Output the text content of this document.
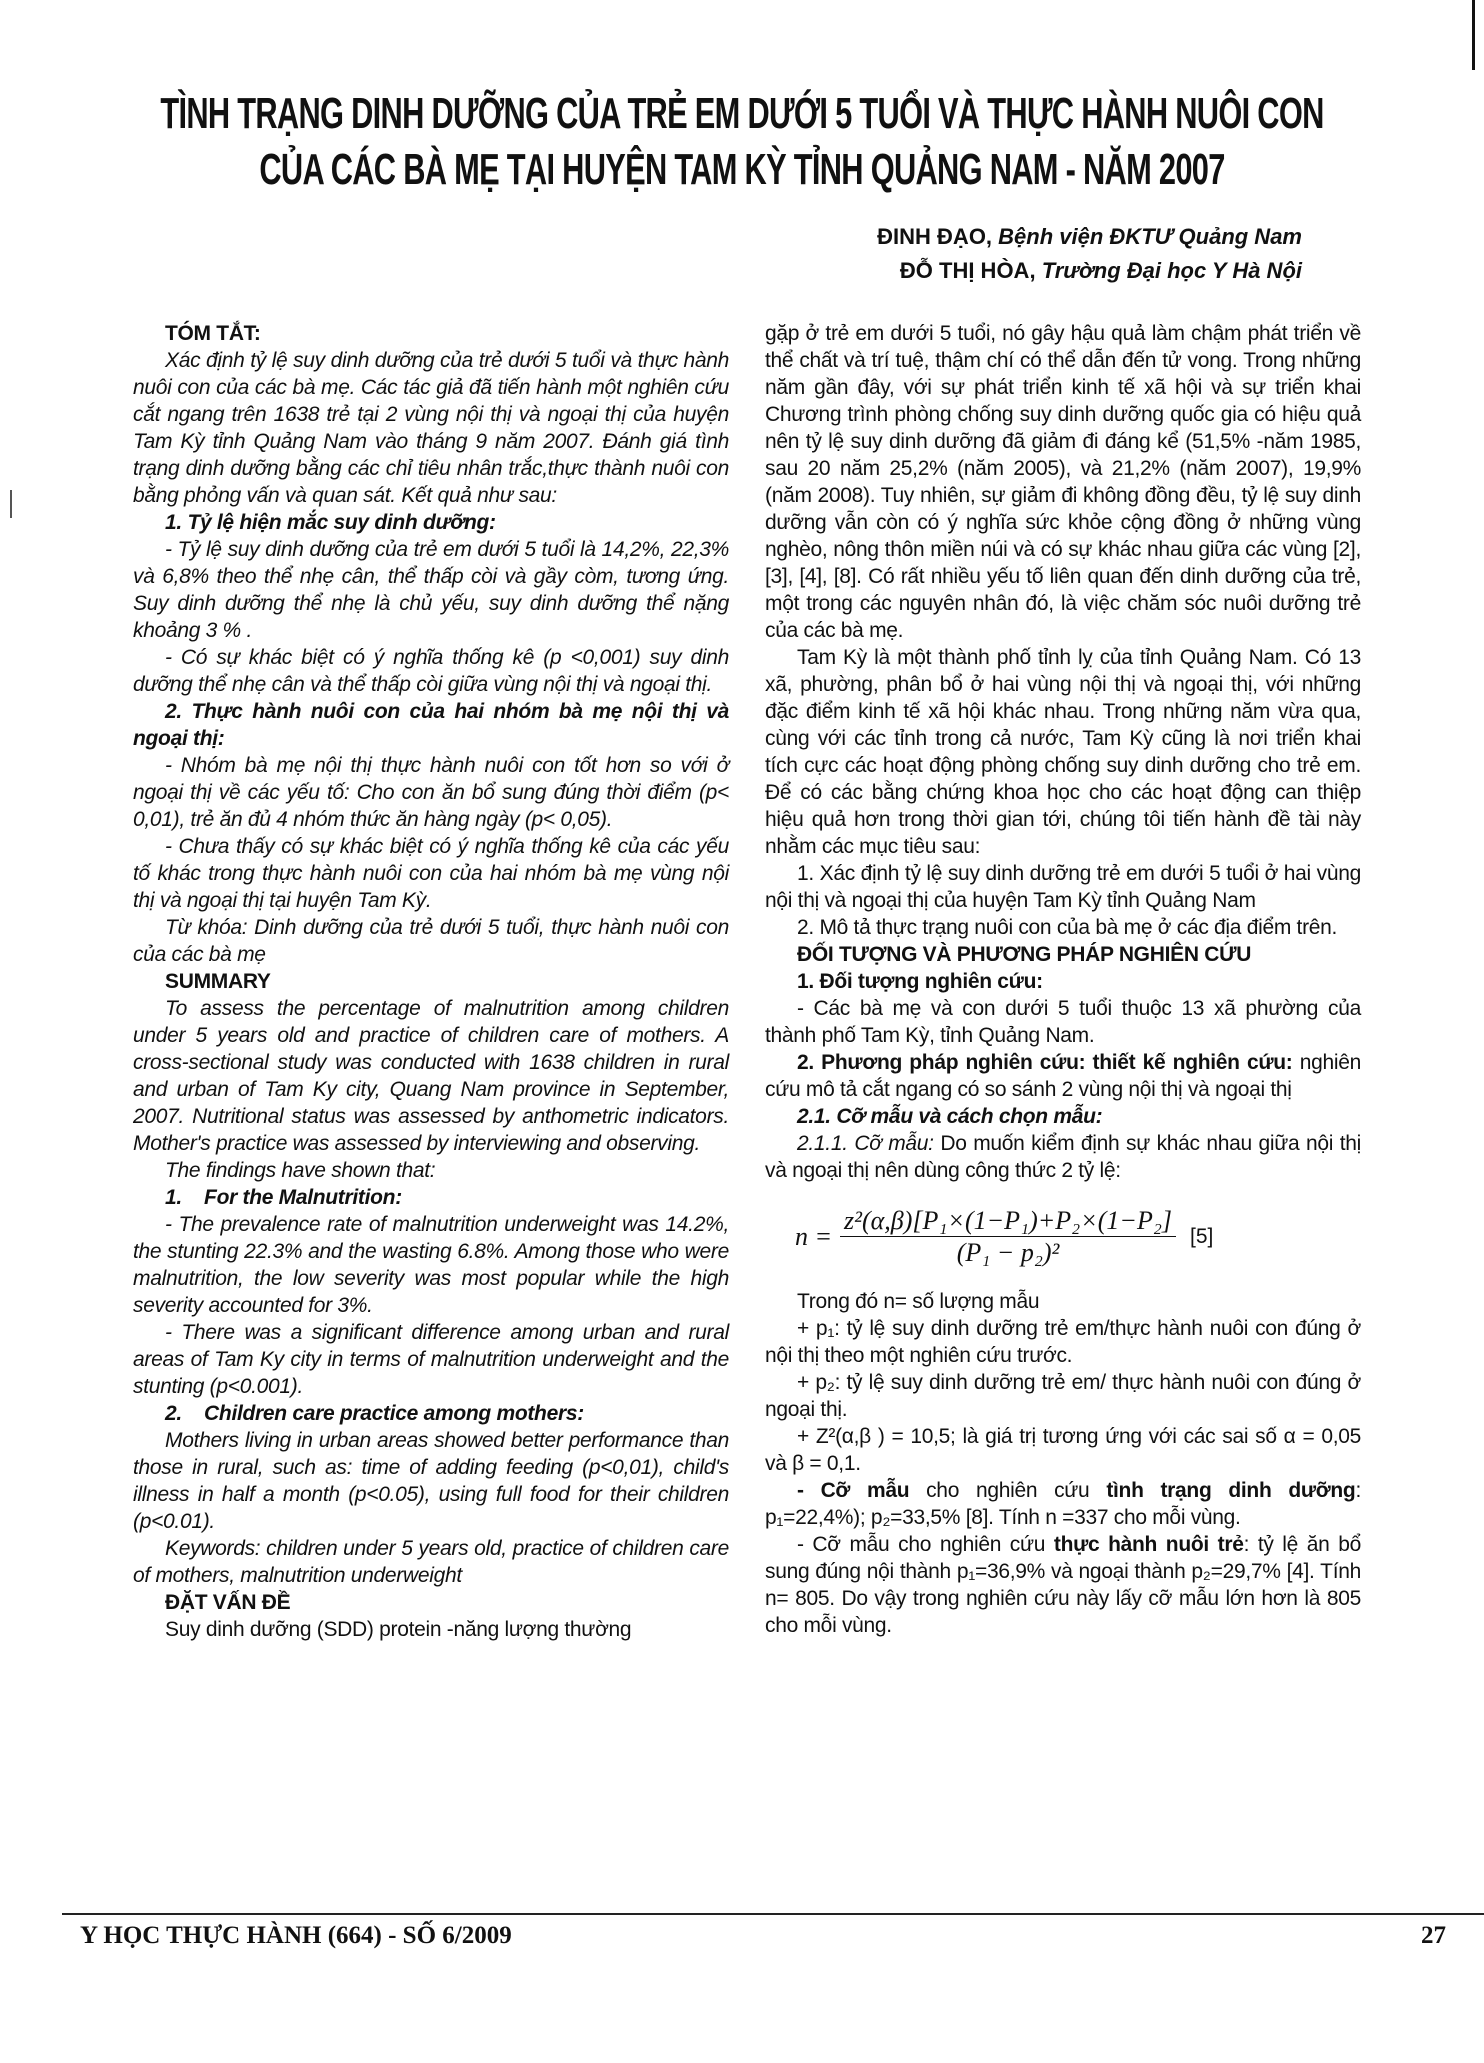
TÌNH TRẠNG DINH DƯỠNG CỦA TRẺ EM DƯỚI 5 TUỔI VÀ THỰC HÀNH NUÔI CON
CỦA CÁC BÀ MẸ TẠI HUYỆN TAM KỲ TỈNH QUẢNG NAM - NĂM 2007
ĐINH ĐẠO, Bệnh viện ĐKTƯ Quảng Nam
ĐỖ THỊ HÒA, Trường Đại học Y Hà Nội

TÓM TẮT:

Xác định tỷ lệ suy dinh dưỡng của trẻ dưới 5 tuổi và thực hành nuôi con của các bà mẹ. Các tác giả đã tiến hành một nghiên cứu cắt ngang trên 1638 trẻ tại 2 vùng nội thị và ngoại thị của huyện Tam Kỳ tỉnh Quảng Nam vào tháng 9 năm 2007. Đánh giá tình trạng dinh dưỡng bằng các chỉ tiêu nhân trắc,thực thành nuôi con bằng phỏng vấn và quan sát. Kết quả như sau:

1. Tỷ lệ hiện mắc suy dinh dưỡng:

- Tỷ lệ suy dinh dưỡng của trẻ em dưới 5 tuổi là 14,2%, 22,3% và 6,8% theo thể nhẹ cân, thể thấp còi và gầy còm, tương ứng. Suy dinh dưỡng thể nhẹ là chủ yếu, suy dinh dưỡng thể nặng khoảng 3 % .

- Có sự khác biệt có ý nghĩa thống kê (p <0,001) suy dinh dưỡng thể nhẹ cân và thể thấp còi giữa vùng nội thị và ngoại thị.

2. Thực hành nuôi con của hai nhóm bà mẹ nội thị và ngoại thị:

- Nhóm bà mẹ nội thị thực hành nuôi con tốt hơn so với ở ngoại thị về các yếu tố: Cho con ăn bổ sung đúng thời điểm (p< 0,01), trẻ ăn đủ 4 nhóm thức ăn hàng ngày (p< 0,05).

- Chưa thấy có sự khác biệt có ý nghĩa thống kê của các yếu tố khác trong thực hành nuôi con của hai nhóm bà mẹ vùng nội thị và ngoại thị tại huyện Tam Kỳ.

Từ khóa: Dinh dưỡng của trẻ dưới 5 tuổi, thực hành nuôi con của các bà mẹ

SUMMARY

To assess the percentage of malnutrition among children under 5 years old and practice of children care of mothers. A cross-sectional study was conducted with 1638 children in rural and urban of Tam Ky city, Quang Nam province in September, 2007. Nutritional status was assessed by anthometric indicators. Mother's practice was assessed by interviewing and observing.

The findings have shown that:

1.    For the Malnutrition:

- The prevalence rate of malnutrition underweight was 14.2%, the stunting 22.3% and the wasting 6.8%. Among those who were malnutrition, the low severity was most popular while the high severity accounted for 3%.

- There was a significant difference among urban and rural areas of Tam Ky city in terms of malnutrition underweight and the stunting (p<0.001).

2.    Children care practice among mothers:

Mothers living in urban areas showed better performance than those in rural, such as: time of adding feeding (p<0,01), child's illness in half a month (p<0.05), using full food for their children (p<0.01).

Keywords: children under 5 years old, practice of children care of mothers, malnutrition underweight

ĐẶT VẤN ĐỀ

Suy dinh dưỡng (SDD) protein -năng lượng thường

gặp ở trẻ em dưới 5 tuổi, nó gây hậu quả làm chậm phát triển về thể chất và trí tuệ, thậm chí có thể dẫn đến tử vong. Trong những năm gần đây, với sự phát triển kinh tế xã hội và sự triển khai Chương trình phòng chống suy dinh dưỡng quốc gia có hiệu quả nên tỷ lệ suy dinh dưỡng đã giảm đi đáng kể (51,5% -năm 1985, sau 20 năm 25,2% (năm 2005), và 21,2% (năm 2007), 19,9% (năm 2008). Tuy nhiên, sự giảm đi không đồng đều, tỷ lệ suy dinh dưỡng vẫn còn có ý nghĩa sức khỏe cộng đồng ở những vùng nghèo, nông thôn miền núi và có sự khác nhau giữa các vùng [2], [3], [4], [8]. Có rất nhiều yếu tố liên quan đến dinh dưỡng của trẻ, một trong các nguyên nhân đó, là việc chăm sóc nuôi dưỡng trẻ của các bà mẹ.

Tam Kỳ là một thành phố tỉnh lỵ của tỉnh Quảng Nam. Có 13 xã, phường, phân bổ ở hai vùng nội thị và ngoại thị, với những đặc điểm kinh tế xã hội khác nhau. Trong những năm vừa qua, cùng với các tỉnh trong cả nước, Tam Kỳ cũng là nơi triển khai tích cực các hoạt động phòng chống suy dinh dưỡng cho trẻ em. Để có các bằng chứng khoa học cho các hoạt động can thiệp hiệu quả hơn trong thời gian tới, chúng tôi tiến hành đề tài này nhằm các mục tiêu sau:

1. Xác định tỷ lệ suy dinh dưỡng trẻ em dưới 5 tuổi ở hai vùng nội thị và ngoại thị của huyện Tam Kỳ tỉnh Quảng Nam

2. Mô tả thực trạng nuôi con của bà mẹ ở các địa điểm trên.

ĐỐI TƯỢNG VÀ PHƯƠNG PHÁP NGHIÊN CỨU

1. Đối tượng nghiên cứu:

- Các bà mẹ và con dưới 5 tuổi thuộc 13 xã phường của thành phố Tam Kỳ, tỉnh Quảng Nam.

2. Phương pháp nghiên cứu: thiết kế nghiên cứu: nghiên cứu mô tả cắt ngang có so sánh 2 vùng nội thị và ngoại thị

2.1. Cỡ mẫu và cách chọn mẫu:

2.1.1. Cỡ mẫu: Do muốn kiểm định sự khác nhau giữa nội thị và ngoại thị nên dùng công thức 2 tỷ lệ:

$n = \frac{\text{z²(α,β)[P₁×(1−P₁)+P₂×(1−P₂]}}{\text{(P₁ − p₂)²}} [5]$

Trong đó n= số lượng mẫu

+ p₁: tỷ lệ suy dinh dưỡng trẻ em/thực hành nuôi con đúng ở nội thị theo một nghiên cứu trước.

+ p₂: tỷ lệ suy dinh dưỡng trẻ em/ thực hành nuôi con đúng ở ngoại thị.

+ Z²(α,β ) = 10,5; là giá trị tương ứng với các sai số α = 0,05 và β = 0,1.

- Cỡ mẫu cho nghiên cứu tình trạng dinh dưỡng: p₁=22,4%); p₂=33,5% [8]. Tính n =337 cho mỗi vùng.

- Cỡ mẫu cho nghiên cứu thực hành nuôi trẻ: tỷ lệ ăn bổ sung đúng nội thành p₁=36,9% và ngoại thành p₂=29,7% [4]. Tính n= 805. Do vậy trong nghiên cứu này lấy cỡ mẫu lớn hơn là 805 cho mỗi vùng.

Y HỌC THỰC HÀNH (664) - SỐ 6/2009	27
